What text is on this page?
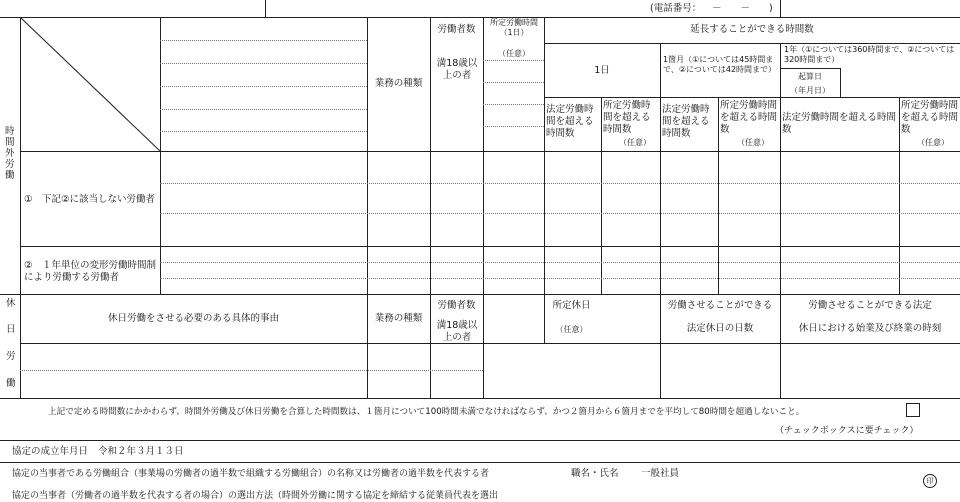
(電話番号： －　　－　　)
時間外労働
業務の種類
労働者数
満18歳以上の者
所定労働時間（1日）
（任意）
延長することができる時間数
1日
1箇月（①については45時間まで、②については42時間まで）
1年（①については360時間まで、②については320時間まで）
起算日
（年月日）
法定労働時間を超える時間数
所定労働時間を超える時間数
（任意）
法定労働時間を超える時間数
所定労働時間を超える時間数
（任意）
法定労働時間を超える時間数
所定労働時間を超える時間数
（任意）
①　下記②に該当しない労働者
②　１年単位の変形労働時間制により労働する労働者
休
日
労
働
休日労働をさせる必要のある具体的事由	業務の種類
労働者数
満18歳以上の者
所定休日
（任意）
労働させることができる
法定休日の日数
労働させることができる法定
休日における始業及び終業の時刻
上記で定める時間数にかかわらず、時間外労働及び休日労働を合算した時間数は、１箇月について100時間未満でなければならず、かつ２箇月から６箇月までを平均して80時間を超過しないこと。
（チェックボックスに要チェック）
協定の成立年月日 令和２年３月１３日
協定の当事者である労働組合（事業場の労働者の過半数で組織する労働組合）の名称又は労働者の過半数を代表する者	職名・氏名 一般社員
印
協定の当事者（労働者の過半数を代表する者の場合）の選出方法（時間外労働に関する協定を締結する従業員代表を選出
